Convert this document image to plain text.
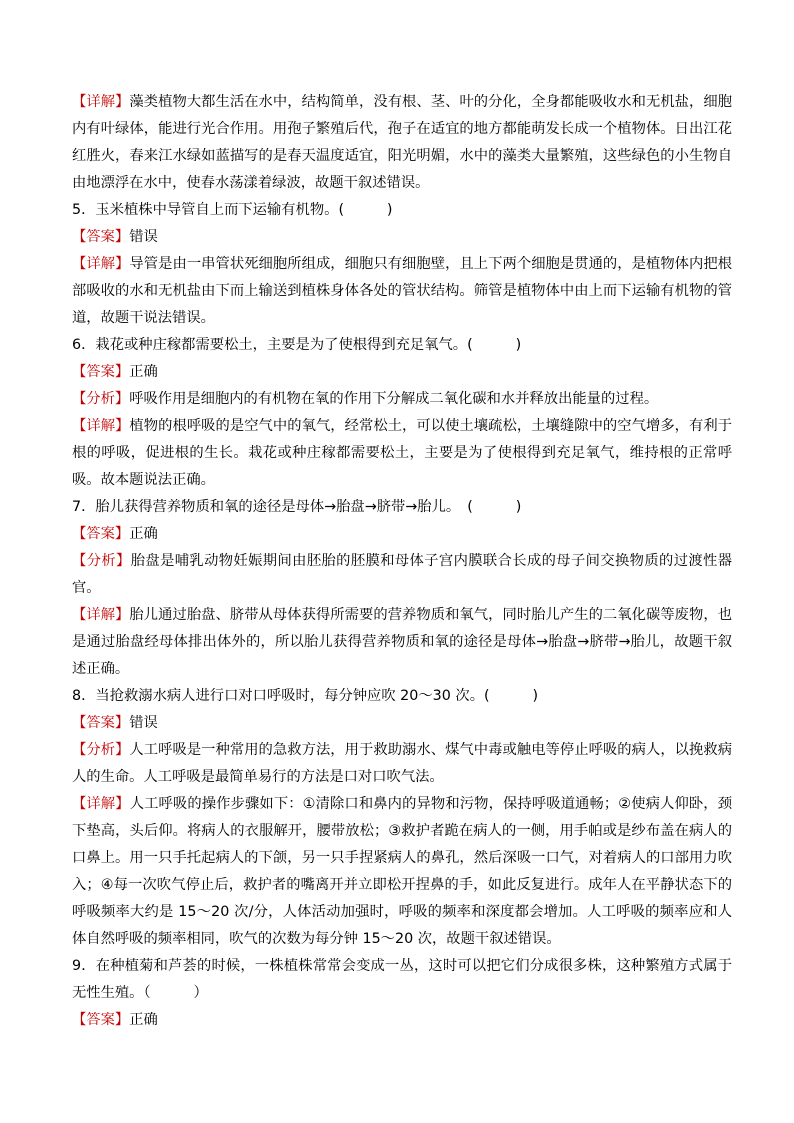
【 详解 】 藻类植物大都生活在水中，结构简单，没有根、茎、叶的分化，全身都能吸收水和无机盐，细胞内有叶绿体，能进行光合作用。用孢子繁殖后代，孢子在适宜的地方都能萌发长成一个植物体。日出江花红胜火，春来江水绿如蓝描写的是春天温度适宜，阳光明媚，水中的藻类大量繁殖，这些绿色的小生物自由地漂浮在水中，使春水荡漾着绿波，故题干叙述错误。

5．玉米植株中导管自上而下运输有机物。(　　　)

【 答案 】 错误

【 详解 】 导管是由一串管状死细胞所组成，细胞只有细胞壁，且上下两个细胞是贯通的，是植物体内把根部吸收的水和无机盐由下而上输送到植株身体各处的管状结构。筛管是植物体中由上而下运输有机物的管道，故题干说法错误。

6．栽花或种庄稼都需要松土，主要是为了使根得到充足氧气。(　　　)

【 答案 】 正确

【 分析 】 呼吸作用是细胞内的有机物在氧的作用下分解成二氧化碳和水并释放出能量的过程。

【 详解 】 植物的根呼吸的是空气中的氧气，经常松土，可以使土壤疏松，土壤缝隙中的空气增多，有利于根的呼吸，促进根的生长。栽花或种庄稼都需要松土，主要是为了使根得到充足氧气，维持根的正常呼吸。故本题说法正确。

7．胎儿获得营养物质和氧的途径是母体→胎盘→脐带→胎儿。　(　　　)

【 答案 】 正确

【 分析 】 胎盘是哺乳动物妊娠期间由胚胎的胚膜和母体子宫内膜联合长成的母子间交换物质的过渡性器官。

【 详解 】 胎儿通过胎盘、脐带从母体获得所需要的营养物质和氧气，同时胎儿产生的二氧化碳等废物，也是通过胎盘经母体排出体外的，所以胎儿获得营养物质和氧的途径是母体→胎盘→脐带→胎儿，故题干叙述正确。

8．当抢救溺水病人进行口对口呼吸时，每分钟应吹 20～30 次。(　　　)

【 答案 】 错误

【 分析 】 人工呼吸是一种常用的急救方法，用于救助溺水、煤气中毒或触电等停止呼吸的病人，以挽救病人的生命。人工呼吸是最简单易行的方法是口对口吹气法。

【 详解 】 人工呼吸的操作步骤如下：①清除口和鼻内的异物和污物，保持呼吸道通畅；②使病人仰卧，颈下垫高，头后仰。将病人的衣服解开，腰带放松；③救护者跪在病人的一侧，用手帕或是纱布盖在病人的口鼻上。用一只手托起病人的下颌，另一只手捏紧病人的鼻孔，然后深吸一口气，对着病人的口部用力吹入；④每一次吹气停止后，救护者的嘴离开并立即松开捏鼻的手，如此反复进行。成年人在平静状态下的呼吸频率大约是 15～20 次/分，人体活动加强时，呼吸的频率和深度都会增加。人工呼吸的频率应和人体自然呼吸的频率相同，吹气的次数为每分钟 15～20 次，故题干叙述错误。

9．在种植菊和芦荟的时候，一株植株常常会变成一丛，这时可以把它们分成很多株，这种繁殖方式属于无性生殖。（　　　）

【 答案 】 正确
